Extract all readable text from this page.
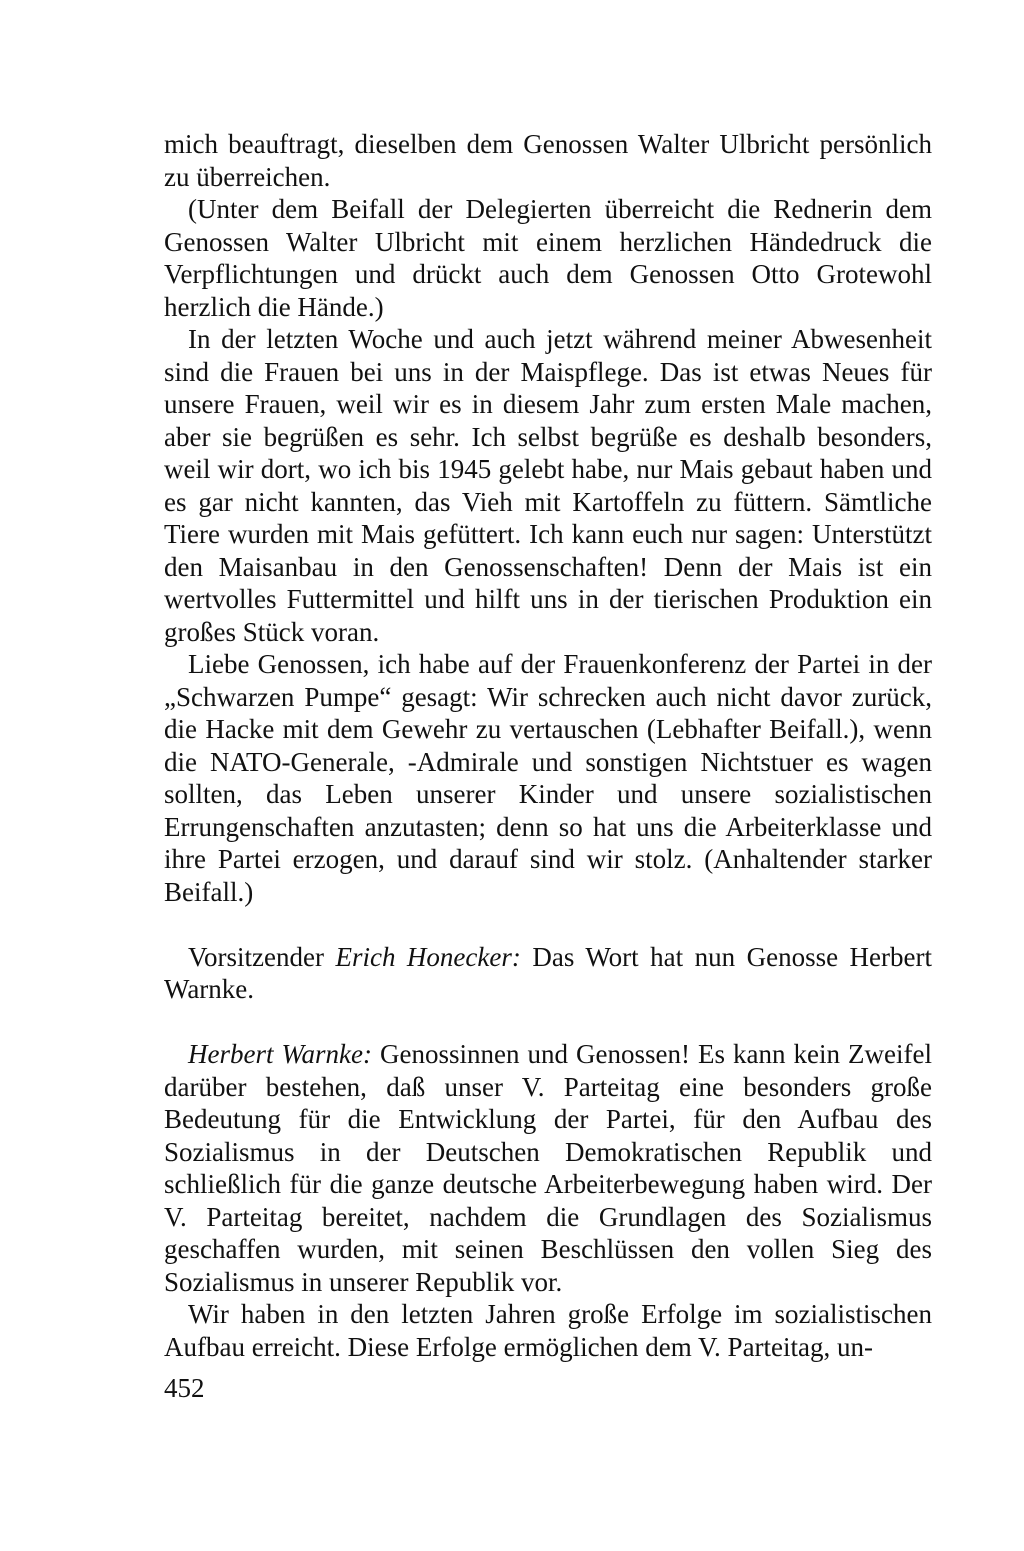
mich beauftragt, dieselben dem Genossen Walter Ulbricht persönlich zu überreichen.

(Unter dem Beifall der Delegierten überreicht die Rednerin dem Genossen Walter Ulbricht mit einem herzlichen Händedruck die Verpflichtungen und drückt auch dem Genossen Otto Grotewohl herzlich die Hände.)

In der letzten Woche und auch jetzt während meiner Abwesenheit sind die Frauen bei uns in der Maispflege. Das ist etwas Neues für unsere Frauen, weil wir es in diesem Jahr zum ersten Male machen, aber sie begrüßen es sehr. Ich selbst begrüße es deshalb besonders, weil wir dort, wo ich bis 1945 gelebt habe, nur Mais gebaut haben und es gar nicht kannten, das Vieh mit Kartoffeln zu füttern. Sämtliche Tiere wurden mit Mais gefüttert. Ich kann euch nur sagen: Unterstützt den Maisanbau in den Genossenschaften! Denn der Mais ist ein wertvolles Futtermittel und hilft uns in der tierischen Produktion ein großes Stück voran.

Liebe Genossen, ich habe auf der Frauenkonferenz der Partei in der „Schwarzen Pumpe“ gesagt: Wir schrecken auch nicht davor zurück, die Hacke mit dem Gewehr zu vertauschen (Lebhafter Beifall.), wenn die NATO-Generale, -Admirale und sonstigen Nichtstuer es wagen sollten, das Leben unserer Kinder und unsere sozialistischen Errungenschaften anzutasten; denn so hat uns die Arbeiterklasse und ihre Partei erzogen, und darauf sind wir stolz. (Anhaltender starker Beifall.)

Vorsitzender Erich Honecker: Das Wort hat nun Genosse Herbert Warnke.

Herbert Warnke: Genossinnen und Genossen! Es kann kein Zweifel darüber bestehen, daß unser V. Parteitag eine besonders große Bedeutung für die Entwicklung der Partei, für den Aufbau des Sozialismus in der Deutschen Demokratischen Republik und schließlich für die ganze deutsche Arbeiterbewegung haben wird. Der V. Parteitag bereitet, nachdem die Grundlagen des Sozialismus geschaffen wurden, mit seinen Beschlüssen den vollen Sieg des Sozialismus in unserer Republik vor.

Wir haben in den letzten Jahren große Erfolge im sozialistischen Aufbau erreicht. Diese Erfolge ermöglichen dem V. Parteitag, un-

452
